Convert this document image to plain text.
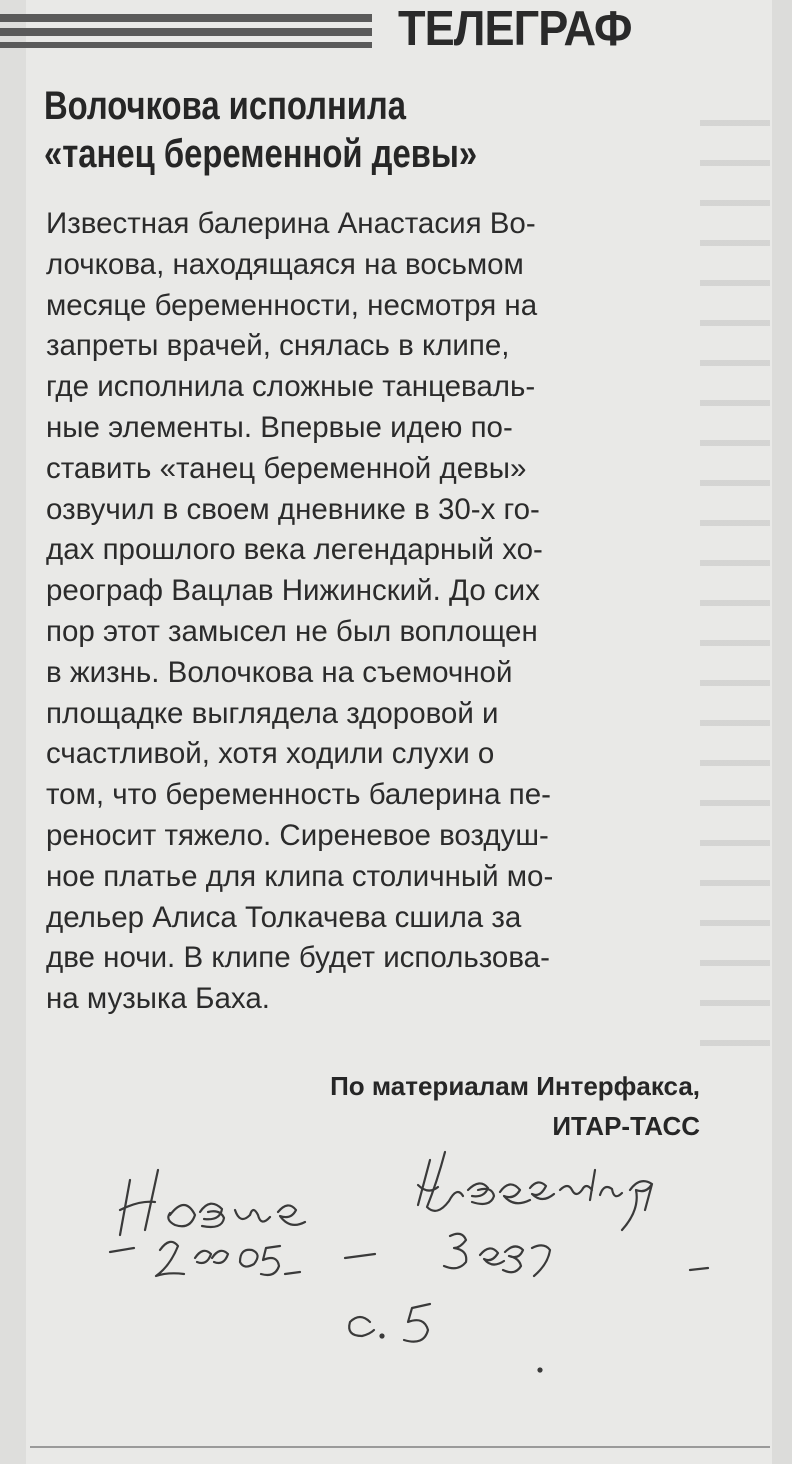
ТЕЛЕГРАФ
Волочкова исполнила
«танец беременной девы»
Известная балерина Анастасия Во-
лочкова, находящаяся на восьмом
месяце беременности, несмотря на
запреты врачей, снялась в клипе,
где исполнила сложные танцеваль-
ные элементы. Впервые идею по-
ставить «танец беременной девы»
озвучил в своем дневнике в 30-х го-
дах прошлого века легендарный хо-
реограф Вацлав Нижинский. До сих
пор этот замысел не был воплощен
в жизнь. Волочкова на съемочной
площадке выглядела здоровой и
счастливой, хотя ходили слухи о
том, что беременность балерина пе-
реносит тяжело. Сиреневое воздуш-
ное платье для клипа столичный мо-
дельер Алиса Толкачева сшила за
две ночи. В клипе будет использова-
на музыка Баха.
По материалам Интерфакса,
ИТАР-ТАСС
